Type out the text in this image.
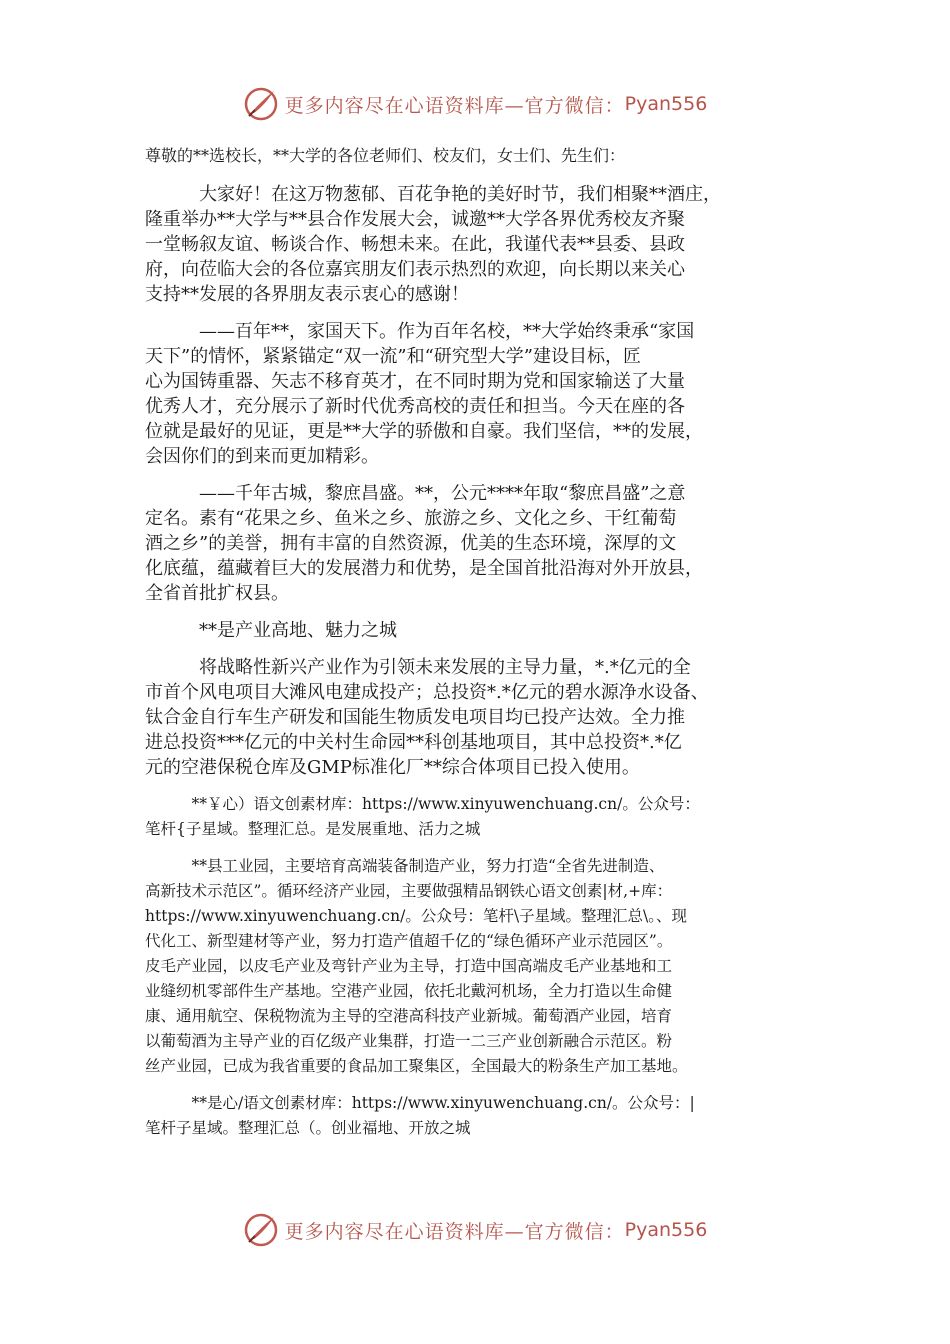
更多内容尽在心语资料库—官方微信： Pyan556

尊敬的**选校长，**大学的各位老师们、校友们，女士们、先生们：

　　　大家好！在这万物葱郁、百花争艳的美好时节，我们相聚**酒庄，
隆重举办**大学与**县合作发展大会，诚邀**大学各界优秀校友齐聚
一堂畅叙友谊、畅谈合作、畅想未来。在此，我谨代表**县委、县政
府，向莅临大会的各位嘉宾朋友们表示热烈的欢迎，向长期以来关心
支持**发展的各界朋友表示衷心的感谢！

　　　——百年**，家国天下。作为百年名校，**大学始终秉承“家国
天下”的情怀，紧紧锚定“双一流”和“研究型大学”建设目标，匠
心为国铸重器、矢志不移育英才，在不同时期为党和国家输送了大量
优秀人才，充分展示了新时代优秀高校的责任和担当。今天在座的各
位就是最好的见证，更是**大学的骄傲和自豪。我们坚信，**的发展，
会因你们的到来而更加精彩。

　　　——千年古城，黎庶昌盛。**，公元****年取“黎庶昌盛”之意
定名。素有“花果之乡、鱼米之乡、旅游之乡、文化之乡、干红葡萄
酒之乡”的美誉，拥有丰富的自然资源，优美的生态环境，深厚的文
化底蕴，蕴藏着巨大的发展潜力和优势，是全国首批沿海对外开放县，
全省首批扩权县。

　　　**是产业高地、魅力之城

　　　将战略性新兴产业作为引领未来发展的主导力量，*.*亿元的全
市首个风电项目大滩风电建成投产；总投资*.*亿元的碧水源净水设备、
钛合金自行车生产研发和国能生物质发电项目均已投产达效。全力推
进总投资***亿元的中关村生命园**科创基地项目，其中总投资*.*亿
元的空港保税仓库及GMP标准化厂**综合体项目已投入使用。

　　　**￥心）语文创素材库：https://www.xinyuwenchuang.cn/。公众号：
笔杆{子星域。整理汇总。是发展重地、活力之城

　　　**县工业园，主要培育高端装备制造产业，努力打造“全省先进制造、
高新技术示范区”。循环经济产业园，主要做强精品钢铁心语文创素|材,+库：
https://www.xinyuwenchuang.cn/。公众号：笔杆\子星域。整理汇总\。、现
代化工、新型建材等产业，努力打造产值超千亿的“绿色循环产业示范园区”。
皮毛产业园，以皮毛产业及弯针产业为主导，打造中国高端皮毛产业基地和工
业缝纫机零部件生产基地。空港产业园，依托北戴河机场，全力打造以生命健
康、通用航空、保税物流为主导的空港高科技产业新城。葡萄酒产业园，培育
以葡萄酒为主导产业的百亿级产业集群，打造一二三产业创新融合示范区。粉
丝产业园，已成为我省重要的食品加工聚集区，全国最大的粉条生产加工基地。

　　　**是心/语文创素材库：https://www.xinyuwenchuang.cn/。公众号：|
笔杆子星域。整理汇总（。创业福地、开放之城

更多内容尽在心语资料库—官方微信： Pyan556
